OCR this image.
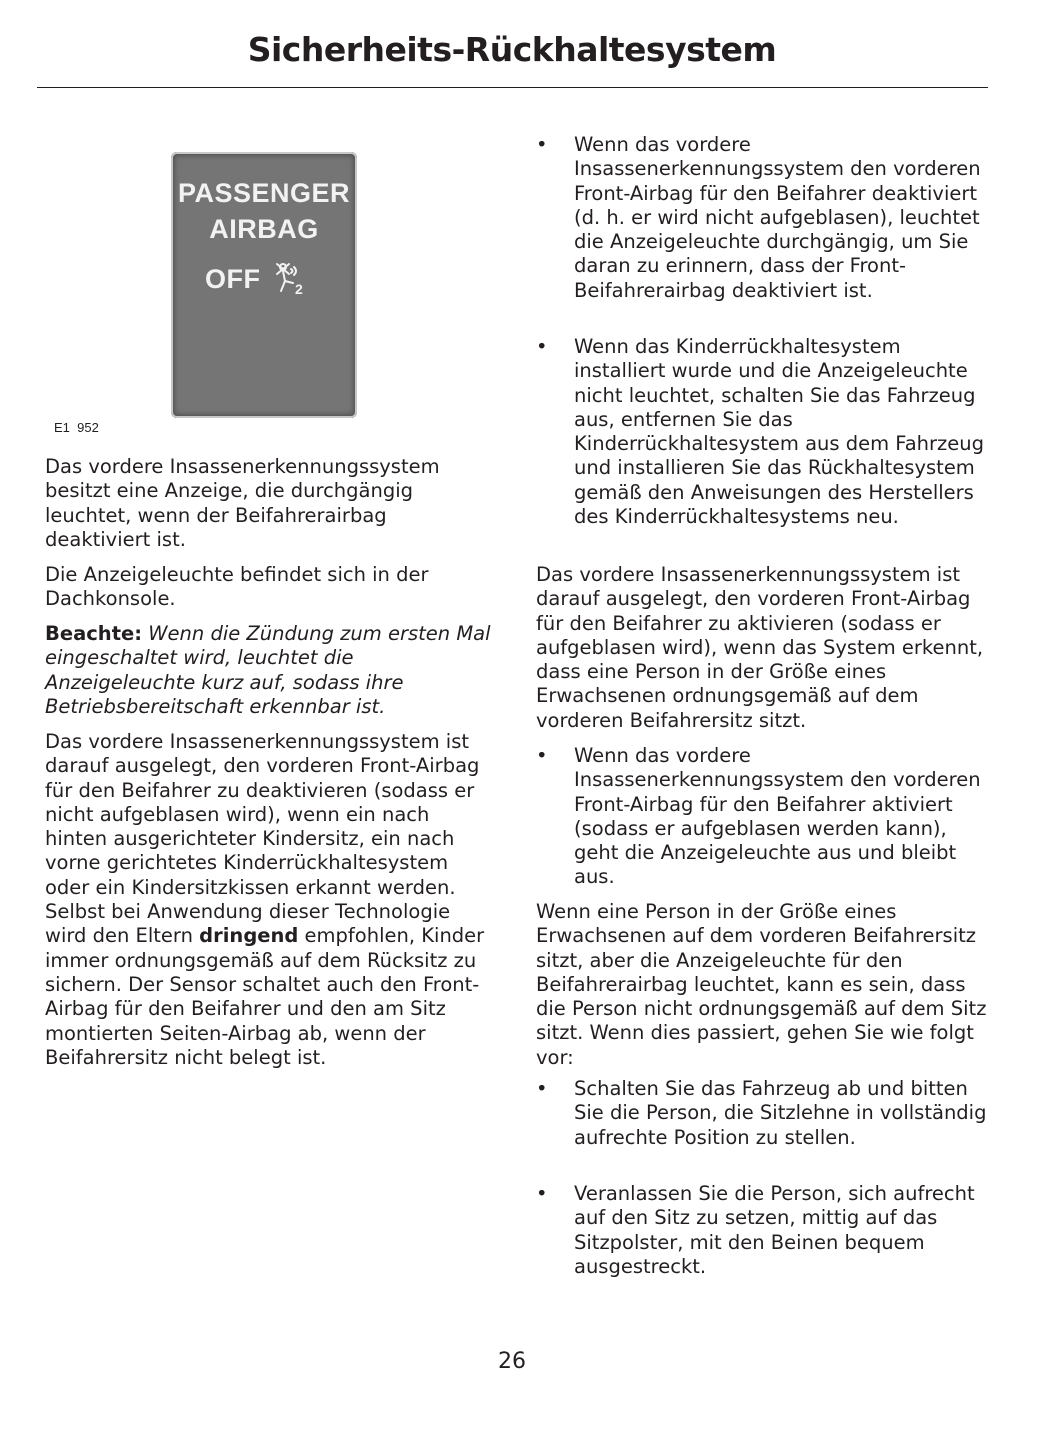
Sicherheits-Rückhaltesystem
PASSENGER
AIRBAG
OFF 2
E1  952

Das vordere Insassenerkennungssystem besitzt eine Anzeige, die durchgängig leuchtet, wenn der Beifahrerairbag deaktiviert ist.

Die Anzeigeleuchte befindet sich in der Dachkonsole.

Beachte: Wenn die Zündung zum ersten Mal eingeschaltet wird, leuchtet die Anzeigeleuchte kurz auf, sodass ihre Betriebsbereitschaft erkennbar ist.

Das vordere Insassenerkennungssystem ist darauf ausgelegt, den vorderen Front-Airbag für den Beifahrer zu deaktivieren (sodass er nicht aufgeblasen wird), wenn ein nach hinten ausgerichteter Kindersitz, ein nach vorne gerichtetes Kinderrückhaltesystem oder ein Kindersitzkissen erkannt werden. Selbst bei Anwendung dieser Technologie wird den Eltern dringend empfohlen, Kinder immer ordnungsgemäß auf dem Rücksitz zu sichern. Der Sensor schaltet auch den Front-Airbag für den Beifahrer und den am Sitz montierten Seiten-Airbag ab, wenn der Beifahrersitz nicht belegt ist.

• Wenn das vordere Insassenerkennungssystem den vorderen Front-Airbag für den Beifahrer deaktiviert (d. h. er wird nicht aufgeblasen), leuchtet die Anzeigeleuchte durchgängig, um Sie daran zu erinnern, dass der Front-Beifahrerairbag deaktiviert ist.
• Wenn das Kinderrückhaltesystem installiert wurde und die Anzeigeleuchte nicht leuchtet, schalten Sie das Fahrzeug aus, entfernen Sie das Kinderrückhaltesystem aus dem Fahrzeug und installieren Sie das Rückhaltesystem gemäß den Anweisungen des Herstellers des Kinderrückhaltesystems neu.

Das vordere Insassenerkennungssystem ist darauf ausgelegt, den vorderen Front-Airbag für den Beifahrer zu aktivieren (sodass er aufgeblasen wird), wenn das System erkennt, dass eine Person in der Größe eines Erwachsenen ordnungsgemäß auf dem vorderen Beifahrersitz sitzt.

• Wenn das vordere Insassenerkennungssystem den vorderen Front-Airbag für den Beifahrer aktiviert (sodass er aufgeblasen werden kann), geht die Anzeigeleuchte aus und bleibt aus.

Wenn eine Person in der Größe eines Erwachsenen auf dem vorderen Beifahrersitz sitzt, aber die Anzeigeleuchte für den Beifahrerairbag leuchtet, kann es sein, dass die Person nicht ordnungsgemäß auf dem Sitz sitzt. Wenn dies passiert, gehen Sie wie folgt vor:

• Schalten Sie das Fahrzeug ab und bitten Sie die Person, die Sitzlehne in vollständig aufrechte Position zu stellen.
• Veranlassen Sie die Person, sich aufrecht auf den Sitz zu setzen, mittig auf das Sitzpolster, mit den Beinen bequem ausgestreckt.
26
